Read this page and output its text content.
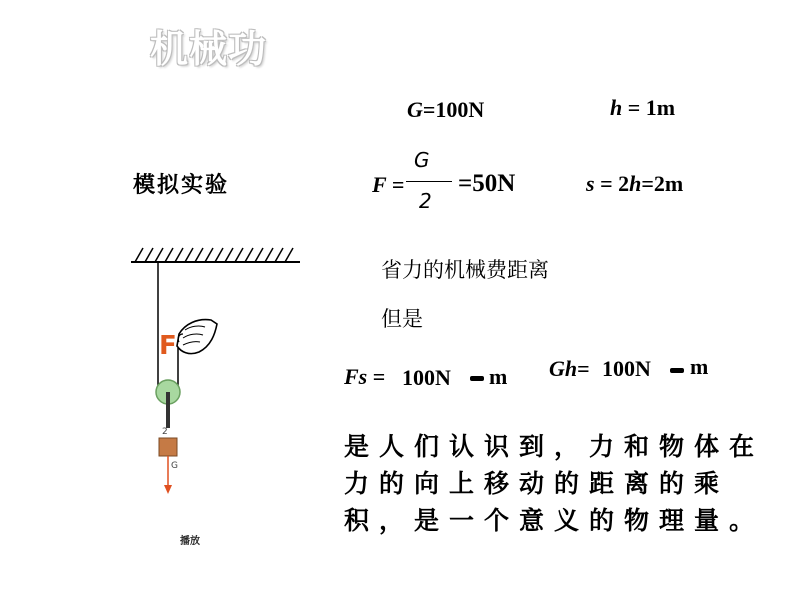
机械功
模拟实验
G=100N	h = 1m
F =
G
2
=50N	s = 2h=2m
省力的机械费距离
但是
Fs = 100N m Gh= 100N m
是人们认识到，力和物体在力的向上移动的距离的乘积，是一个意义的物理量。
2
G
F
播放
